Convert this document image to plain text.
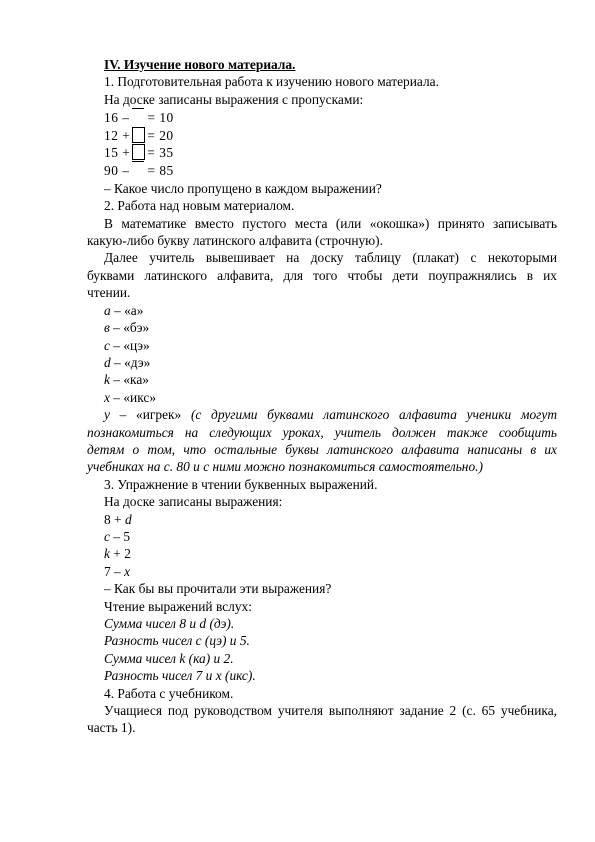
IV. Изучение нового материала.
1. Подготовительная работа к изучению нового материала.
На доске записаны выражения с пропусками:
16 – = 10
12 + = 20
15 + = 35
90 – = 85
– Какое число пропущено в каждом выражении?
2. Работа над новым материалом.
В математике вместо пустого места (или «окошка») принято записывать
какую-либо букву латинского алфавита (строчную).
Далее учитель вывешивает на доску таблицу (плакат) с некоторыми
буквами латинского алфавита, для того чтобы дети поупражнялись в их
чтении.
a – «а»
в – «бэ»
c – «цэ»
d – «дэ»
k – «ка»
x – «икс»
y – «игрек» (с другими буквами латинского алфавита ученики могут
познакомиться на следующих уроках, учитель должен также сообщить
детям о том, что остальные буквы латинского алфавита написаны в их
учебниках на с. 80 и с ними можно познакомиться самостоятельно.)
3. Упражнение в чтении буквенных выражений.
На доске записаны выражения:
8 + d
c – 5
k + 2
7 – x
– Как бы вы прочитали эти выражения?
Чтение выражений вслух:
Сумма чисел 8 и d (дэ).
Разность чисел c (цэ) и 5.
Сумма чисел k (ка) и 2.
Разность чисел 7 и x (икс).
4. Работа с учебником.
Учащиеся под руководством учителя выполняют задание 2 (с. 65 учебника,
часть 1).
